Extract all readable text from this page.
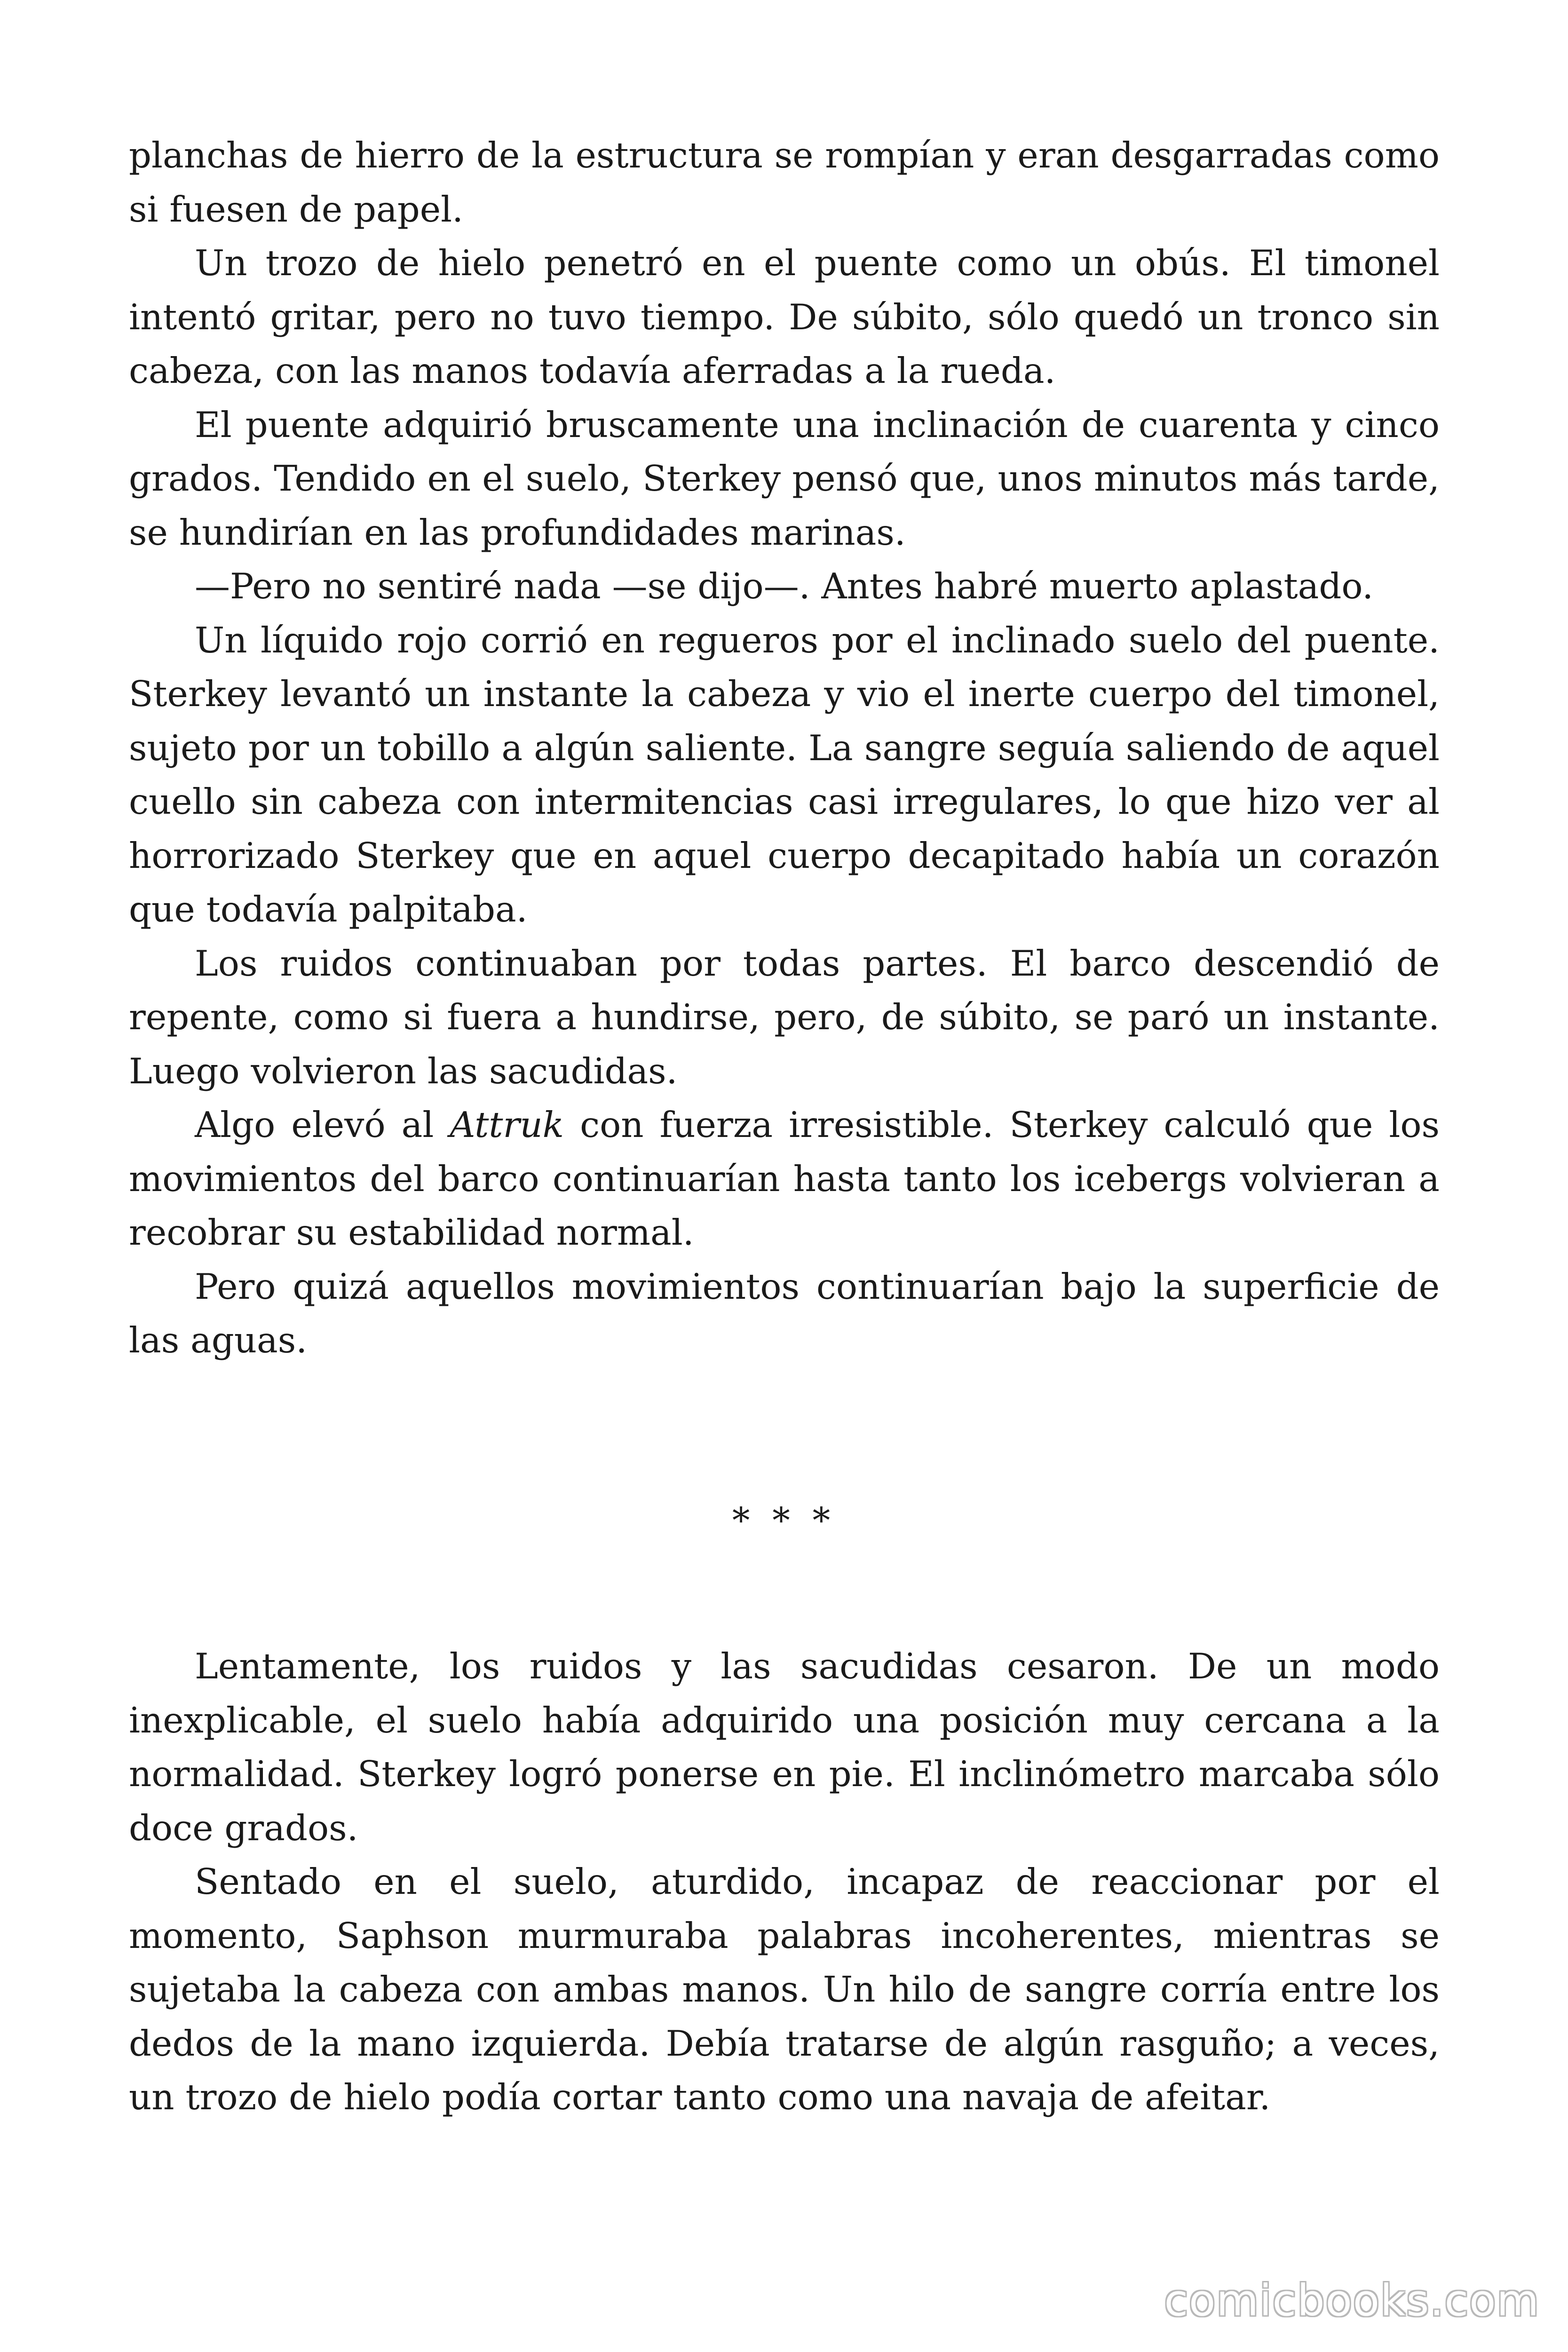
planchas de hierro de la estructura se rompían y eran desgarradas como si fuesen de papel.

Un trozo de hielo penetró en el puente como un obús. El timonel intentó gritar, pero no tuvo tiempo. De súbito, sólo quedó un tronco sin cabeza, con las manos todavía aferradas a la rueda.

El puente adquirió bruscamente una inclinación de cuarenta y cinco grados. Tendido en el suelo, Sterkey pensó que, unos minutos más tarde, se hundirían en las profundidades marinas.

—Pero no sentiré nada —se dijo—. Antes habré muerto aplastado.

Un líquido rojo corrió en regueros por el inclinado suelo del puente. Sterkey levantó un instante la cabeza y vio el inerte cuerpo del timonel, sujeto por un tobillo a algún saliente. La sangre seguía saliendo de aquel cuello sin cabeza con intermitencias casi irregulares, lo que hizo ver al horrorizado Sterkey que en aquel cuerpo decapitado había un corazón que todavía palpitaba.

Los ruidos continuaban por todas partes. El barco descendió de repente, como si fuera a hundirse, pero, de súbito, se paró un instante. Luego volvieron las sacudidas.

Algo elevó al Attruk con fuerza irresistible. Sterkey calculó que los movimientos del barco continuarían hasta tanto los icebergs volvieran a recobrar su estabilidad normal.

Pero quizá aquellos movimientos continuarían bajo la superficie de las aguas.

* * *

Lentamente, los ruidos y las sacudidas cesaron. De un modo inexplicable, el suelo había adquirido una posición muy cercana a la normalidad. Sterkey logró ponerse en pie. El inclinómetro marcaba sólo doce grados.

Sentado en el suelo, aturdido, incapaz de reaccionar por el momento, Saphson murmuraba palabras incoherentes, mientras se sujetaba la cabeza con ambas manos. Un hilo de sangre corría entre los dedos de la mano izquierda. Debía tratarse de algún rasguño; a veces, un trozo de hielo podía cortar tanto como una navaja de afeitar.

comicbooks.com
